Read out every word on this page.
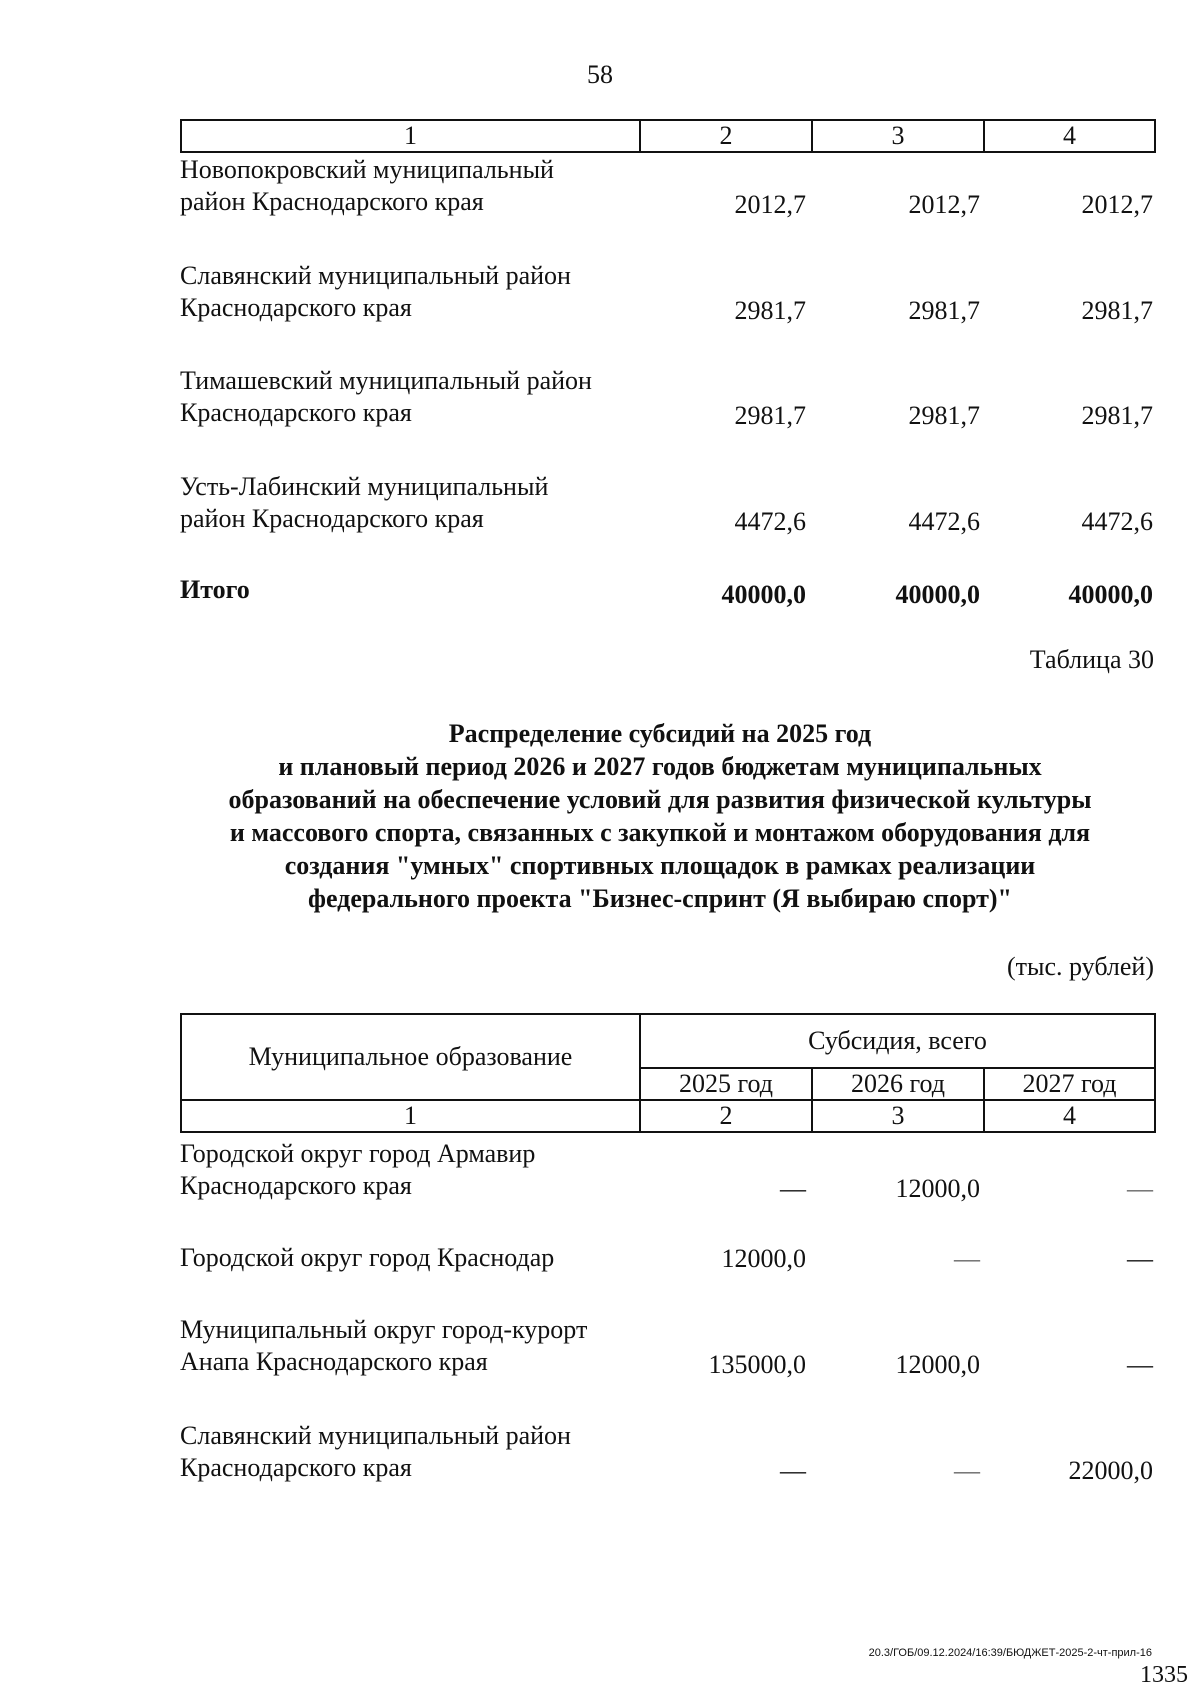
58
1	2	3	4
Новопокровский муниципальный
район Краснодарского края	2012,7	2012,7	2012,7
Славянский муниципальный район
Краснодарского края	2981,7	2981,7	2981,7
Тимашевский муниципальный район
Краснодарского края	2981,7	2981,7	2981,7
Усть-Лабинский муниципальный
район Краснодарского края	4472,6	4472,6	4472,6
Итого	40000,0	40000,0	40000,0
Таблица 30
Распределение субсидий на 2025 год
и плановый период 2026 и 2027 годов бюджетам муниципальных
образований на обеспечение условий для развития физической культуры
и массового спорта, связанных с закупкой и монтажом оборудования для
создания "умных" спортивных площадок в рамках реализации
федерального проекта "Бизнес-спринт (Я выбираю спорт)"
(тыс. рублей)
Муниципальное образование	Субсидия, всего		
	2025 год	2026 год	2027 год
1	2	3	4
Городской округ город Армавир
Краснодарского края	—	12000,0	—
Городской округ город Краснодар	12000,0	—	—
Муниципальный округ город-курорт
Анапа Краснодарского края	135000,0	12000,0	—
Славянский муниципальный район
Краснодарского края	—	—	22000,0
20.3/ГОБ/09.12.2024/16:39/БЮДЖЕТ-2025-2-чт-прил-16
1335
